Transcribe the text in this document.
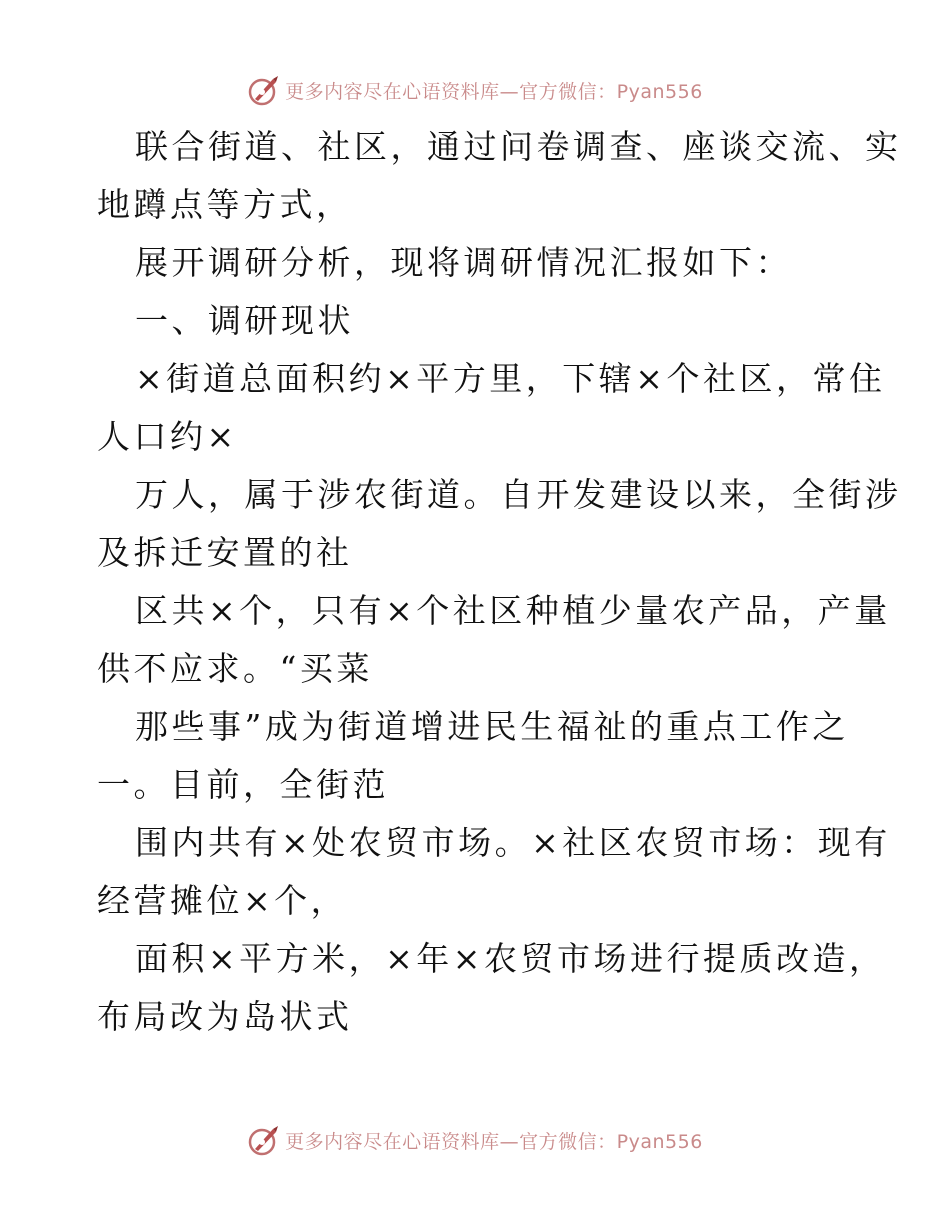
更多内容尽在心语资料库—官方微信：Pyan556
联合街道、社区，通过问卷调查、座谈交流、实
地蹲点等方式，
展开调研分析，现将调研情况汇报如下：
一、调研现状
×街道总面积约×平方里，下辖×个社区，常住
人口约×
万人，属于涉农街道。自开发建设以来，全街涉
及拆迁安置的社
区共×个，只有×个社区种植少量农产品，产量
供不应求。“买菜
那些事”成为街道增进民生福祉的重点工作之
一。目前，全街范
围内共有×处农贸市场。×社区农贸市场：现有
经营摊位×个，
面积×平方米，×年×农贸市场进行提质改造，
布局改为岛状式
更多内容尽在心语资料库—官方微信：Pyan556
